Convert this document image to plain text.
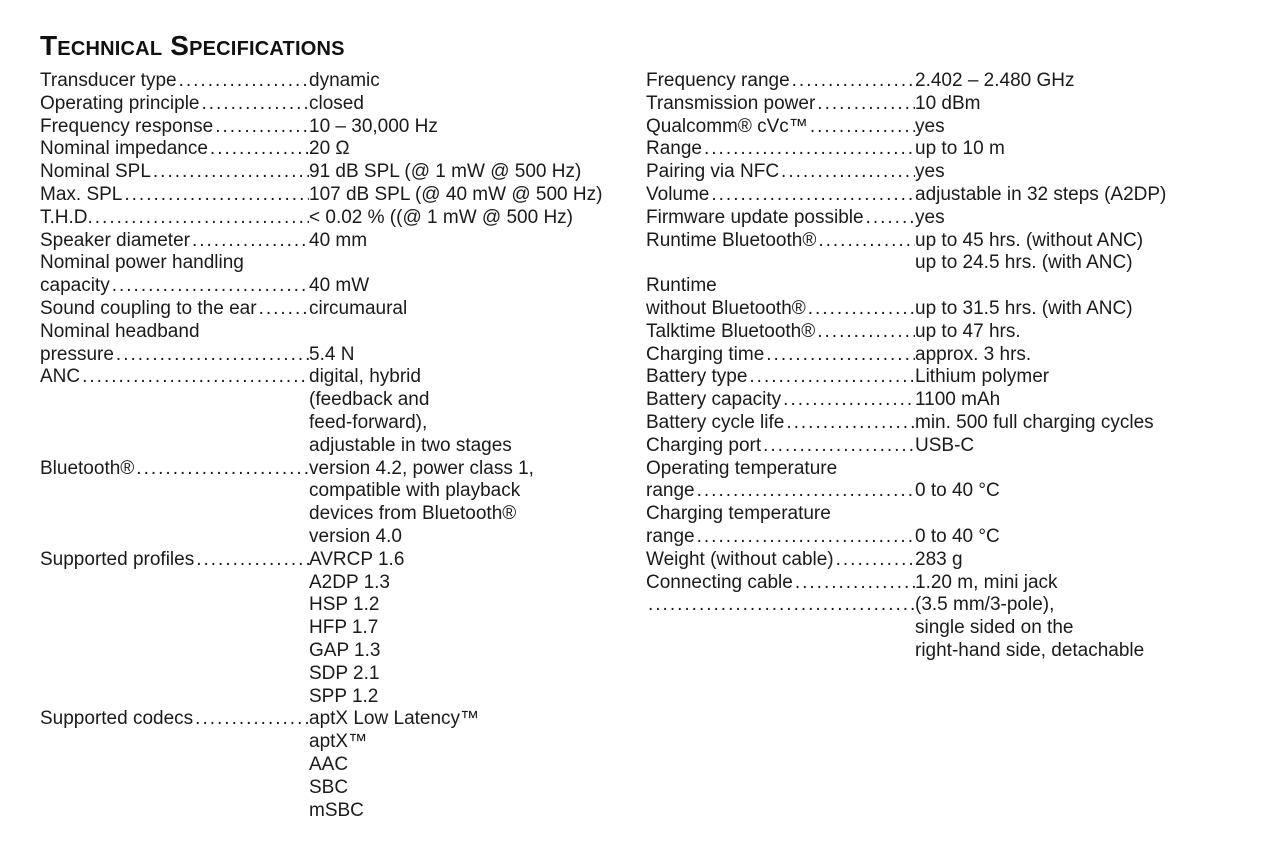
Technical Specifications
Transducer type .....	dynamic
Operating principle .....	closed
Frequency response .....	10 – 30,000 Hz
Nominal impedance .....	20 Ω
Nominal SPL .....	91 dB SPL (@ 1 mW @ 500 Hz)
Max. SPL .....	107 dB SPL (@ 40 mW @ 500 Hz)
T.H.D. .....	< 0.02 % ((@ 1 mW @ 500 Hz)
Speaker diameter .....	40 mm
Nominal power handling
capacity .....	40 mW
Sound coupling to the ear .....	circumaural
Nominal headband
pressure .....	5.4 N
ANC .....	digital, hybrid
(feedback and
feed-forward),
adjustable in two stages
Bluetooth® .....	version 4.2, power class 1,
compatible with playback
devices from Bluetooth®
version 4.0
Supported profiles .....	AVRCP 1.6
A2DP 1.3
HSP 1.2
HFP 1.7
GAP 1.3
SDP 2.1
SPP 1.2
Supported codecs .....	aptX Low Latency™
aptX™
AAC
SBC
mSBC
Frequency range .....	2.402 – 2.480 GHz
Transmission power .....	10 dBm
Qualcomm® cVc™ .....	yes
Range .....	up to 10 m
Pairing via NFC .....	yes
Volume .....	adjustable in 32 steps (A2DP)
Firmware update possible .....	yes
Runtime Bluetooth® .....	up to 45 hrs. (without ANC)
up to 24.5 hrs. (with ANC)
Runtime
without Bluetooth® .....	up to 31.5 hrs. (with ANC)
Talktime Bluetooth® .....	up to 47 hrs.
Charging time .....	approx. 3 hrs.
Battery type .....	Lithium polymer
Battery capacity .....	1100 mAh
Battery cycle life .....	min. 500 full charging cycles
Charging port .....	USB-C
Operating temperature
range .....	0 to 40 °C
Charging temperature
range .....	0 to 40 °C
Weight (without cable) .....	283 g
Connecting cable .....	1.20 m, mini jack
.....
(3.5 mm/3-pole),
single sided on the
right-hand side, detachable
